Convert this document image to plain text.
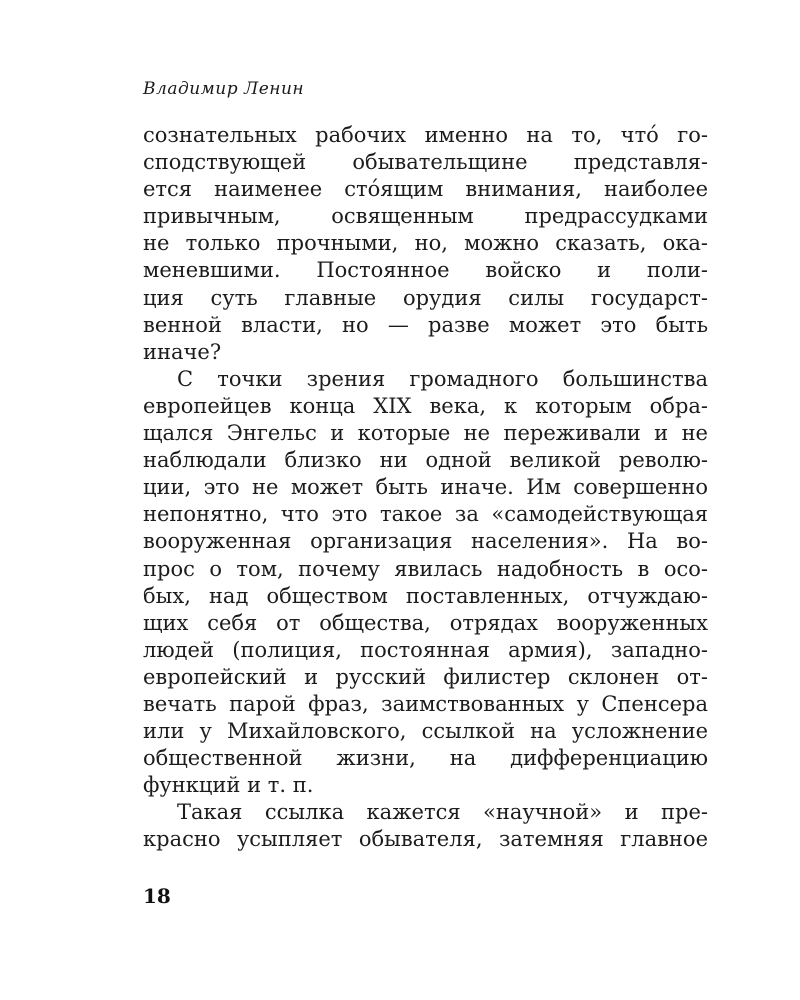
Владимир Ленин
сознательных рабочих именно на то, что́ го-
сподствующей обывательщине представля-
ется наименее сто́ящим внимания, наиболее
привычным, освященным предрассудками
не только прочными, но, можно сказать, ока-
меневшими. Постоянное войско и поли-
ция суть главные орудия силы государст-
венной власти, но — разве может это быть
иначе?
С точки зрения громадного большинства
европейцев конца XIX века, к которым обра-
щался Энгельс и которые не переживали и не
наблюдали близко ни одной великой револю-
ции, это не может быть иначе. Им совершенно
непонятно, что это такое за «самодействующая
вооруженная организация населения». На во-
прос о том, почему явилась надобность в осо-
бых, над обществом поставленных, отчуждаю-
щих себя от общества, отрядах вооруженных
людей (полиция, постоянная армия), западно-
европейский и русский филистер склонен от-
вечать парой фраз, заимствованных у Спенсера
или у Михайловского, ссылкой на усложнение
общественной жизни, на дифференциацию
функций и т. п.
Такая ссылка кажется «научной» и пре-
красно усыпляет обывателя, затемняя главное
18
